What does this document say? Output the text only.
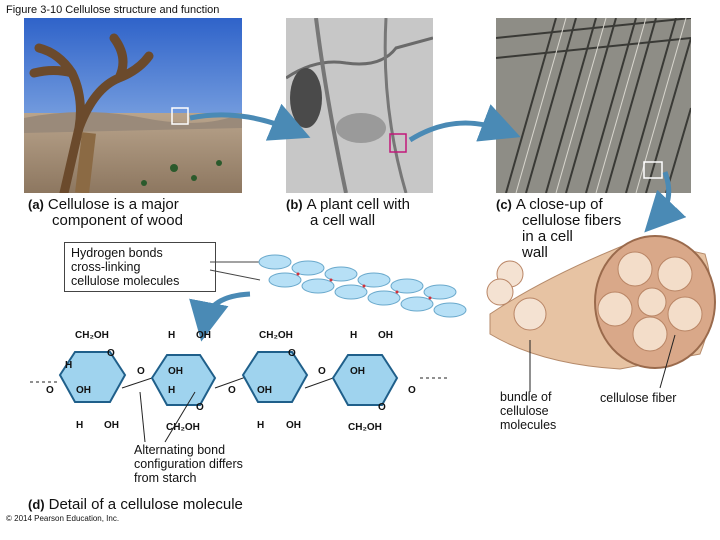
Figure 3-10 Cellulose structure and function
(a) Cellulose is a major
component of wood
(b) A plant cell with
a cell wall
(c) A close-up of
cellulose fibers
in a cell
wall
Hydrogen bonds
cross-linking
cellulose molecules
CH₂OH
O
H
OH
H OH
O
H OH
O OH
H
O
CH₂OH
CH₂OH
O
OH
H OH
O
H OH
O OH
O
CH₂OH
O
Alternating bond
configuration differs
from starch
(d) Detail of a cellulose molecule
bundle of
cellulose
molecules
cellulose fiber
© 2014 Pearson Education, Inc.
